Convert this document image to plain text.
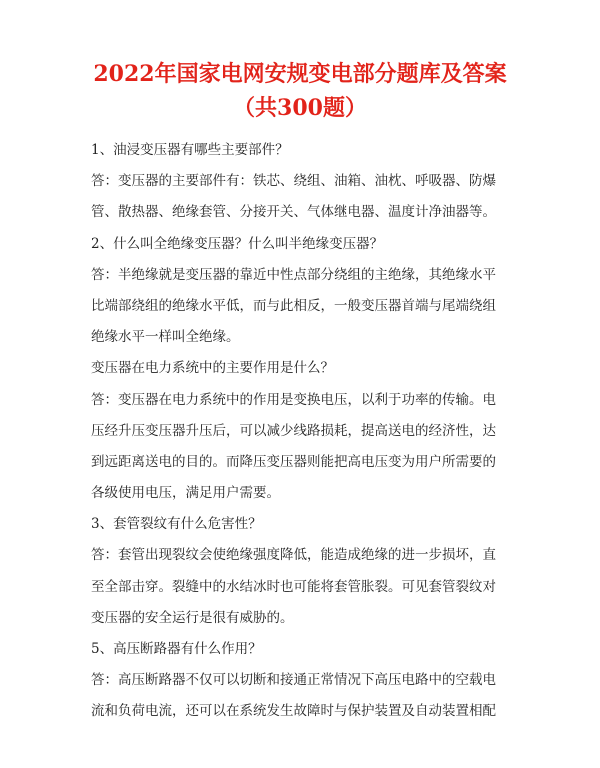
2022年国家电网安规变电部分题库及答案
（共300题）
1、油浸变压器有哪些主要部件？
答：变压器的主要部件有：铁芯、绕组、油箱、油枕、呼吸器、防爆
管、散热器、绝缘套管、分接开关、气体继电器、温度计净油器等。
2、什么叫全绝缘变压器？什么叫半绝缘变压器？
答：半绝缘就是变压器的靠近中性点部分绕组的主绝缘，其绝缘水平
比端部绕组的绝缘水平低，而与此相反，一般变压器首端与尾端绕组
绝缘水平一样叫全绝缘。
变压器在电力系统中的主要作用是什么？
答：变压器在电力系统中的作用是变换电压，以利于功率的传输。电
压经升压变压器升压后，可以减少线路损耗，提高送电的经济性，达
到远距离送电的目的。而降压变压器则能把高电压变为用户所需要的
各级使用电压，满足用户需要。
3、套管裂纹有什么危害性？
答：套管出现裂纹会使绝缘强度降低，能造成绝缘的进一步损坏，直
至全部击穿。裂缝中的水结冰时也可能将套管胀裂。可见套管裂纹对
变压器的安全运行是很有威胁的。
5、高压断路器有什么作用？
答：高压断路器不仅可以切断和接通正常情况下高压电路中的空载电
流和负荷电流，还可以在系统发生故障时与保护装置及自动装置相配
